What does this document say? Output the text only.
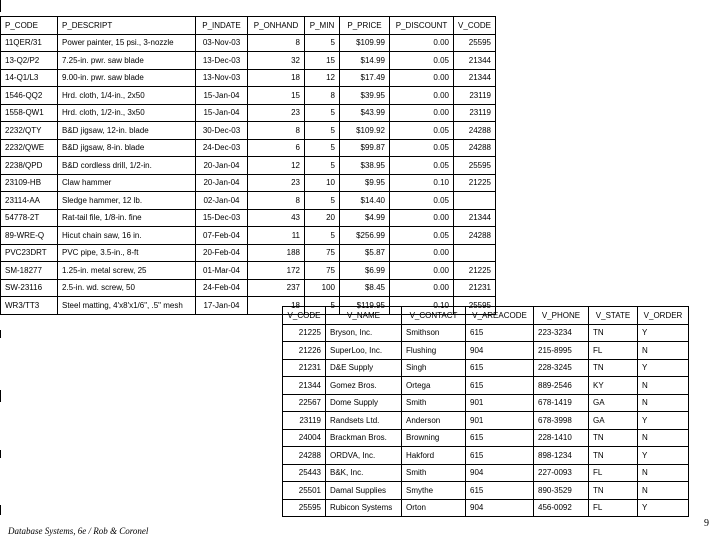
P_CODE	P_DESCRIPT	P_INDATE	P_ONHAND	P_MIN	P_PRICE	P_DISCOUNT	V_CODE
11QER/31	Power painter, 15 psi., 3-nozzle	03-Nov-03	8	5	$109.99	0.00	25595
13-Q2/P2	7.25-in. pwr. saw blade	13-Dec-03	32	15	$14.99	0.05	21344
14-Q1/L3	9.00-in. pwr. saw blade	13-Nov-03	18	12	$17.49	0.00	21344
1546-QQ2	Hrd. cloth, 1/4-in., 2x50	15-Jan-04	15	8	$39.95	0.00	23119
1558-QW1	Hrd. cloth, 1/2-in., 3x50	15-Jan-04	23	5	$43.99	0.00	23119
2232/QTY	B&D jigsaw, 12-in. blade	30-Dec-03	8	5	$109.92	0.05	24288
2232/QWE	B&D jigsaw, 8-in. blade	24-Dec-03	6	5	$99.87	0.05	24288
2238/QPD	B&D cordless drill, 1/2-in.	20-Jan-04	12	5	$38.95	0.05	25595
23109-HB	Claw hammer	20-Jan-04	23	10	$9.95	0.10	21225
23114-AA	Sledge hammer, 12 lb.	02-Jan-04	8	5	$14.40	0.05	
54778-2T	Rat-tail file, 1/8-in. fine	15-Dec-03	43	20	$4.99	0.00	21344
89-WRE-Q	Hicut chain saw, 16 in.	07-Feb-04	11	5	$256.99	0.05	24288
PVC23DRT	PVC pipe, 3.5-in., 8-ft	20-Feb-04	188	75	$5.87	0.00	
SM-18277	1.25-in. metal screw, 25	01-Mar-04	172	75	$6.99	0.00	21225
SW-23116	2.5-in. wd. screw, 50	24-Feb-04	237	100	$8.45	0.00	21231
WR3/TT3	Steel matting, 4'x8'x1/6", .5" mesh	17-Jan-04	18	5	$119.95	0.10	25595
V_CODE	V_NAME	V_CONTACT	V_AREACODE	V_PHONE	V_STATE	V_ORDER
21225	Bryson, Inc.	Smithson	615	223-3234	TN	Y
21226	SuperLoo, Inc.	Flushing	904	215-8995	FL	N
21231	D&E Supply	Singh	615	228-3245	TN	Y
21344	Gomez Bros.	Ortega	615	889-2546	KY	N
22567	Dome Supply	Smith	901	678-1419	GA	N
23119	Randsets Ltd.	Anderson	901	678-3998	GA	Y
24004	Brackman Bros.	Browning	615	228-1410	TN	N
24288	ORDVA, Inc.	Hakford	615	898-1234	TN	Y
25443	B&K, Inc.	Smith	904	227-0093	FL	N
25501	Damal Supplies	Smythe	615	890-3529	TN	N
25595	Rubicon Systems	Orton	904	456-0092	FL	Y
Database Systems, 6e / Rob & Coronel
9
